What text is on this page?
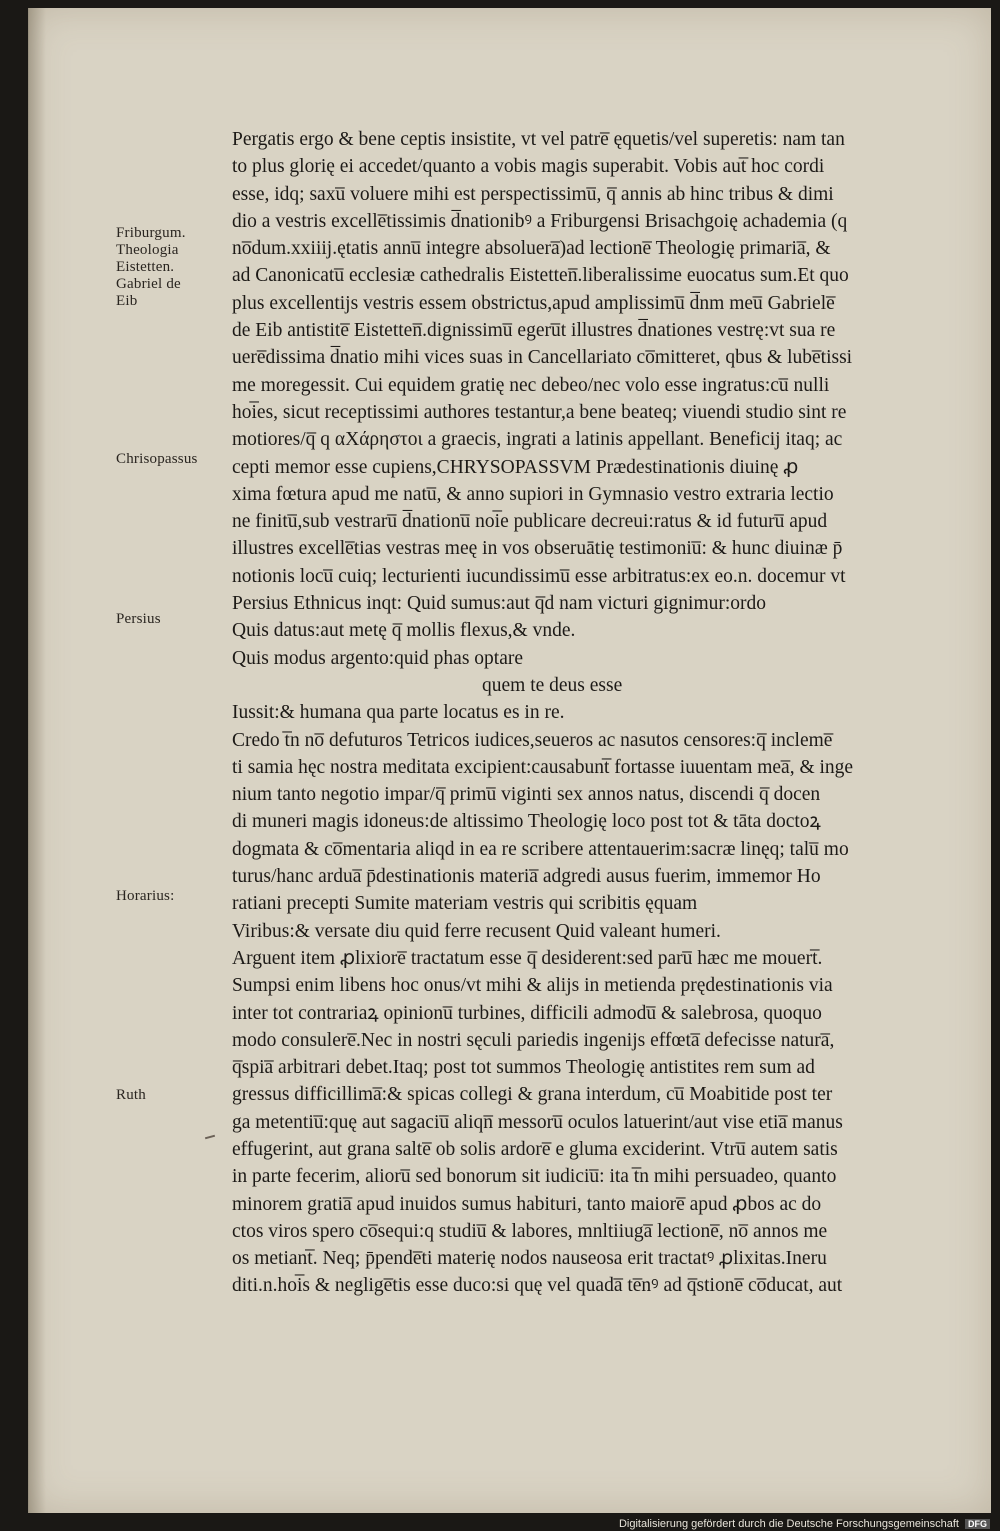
Friburgum.
Theologia
Eistetten.
Gabriel de
Eib
Chrisopassus
Persius
Horarius:
Ruth
Pergatis ergo & bene ceptis insistite, vt vel patre̅ ęquetis/vel superetis: nam tan
to plus glorię ei accedet/quanto a vobis magis superabit. Vobis aut̅ hoc cordi
esse, idq; saxu̅ voluere mihi est perspectissimu̅, q̅ annis ab hinc tribus & dimi
dio a vestris excelle̅tissimis d̅nationibꝰ a Friburgensi Brisachgoię achademia (q
no̅dum.xxiiij.ętatis annu̅ integre absoluera̅)ad lectione̅ Theologię primaria̅, &
ad Canonicatu̅ ecclesiæ cathedralis Eistetten̅.liberalissime euocatus sum.Et quo
plus excellentijs vestris essem obstrictus,apud amplissimu̅ d̅nm meu̅ Gabriele̅
de Eib antistite̅ Eistetten̅.dignissimu̅ egeru̅t illustres d̅nationes vestrę:vt sua re
uere̅dissima d̅natio mihi vices suas in Cancellariato co̅mitteret, qbus & lube̅tissi
me moregessit. Cui equidem gratię nec debeo/nec volo esse ingratus:cu̅ nulli
hoi̅es, sicut receptissimi authores testantur,a bene beateq; viuendi studio sint re
motiores/q̅ q αΧάρηστοι a graecis, ingrati a latinis appellant. Beneficij itaq; ac
cepti memor esse cupiens,CHRYSOPASSVM Prædestinationis diuinę ꝓ
xima fœtura apud me natu̅, & anno supiori in Gymnasio vestro extraria lectio
ne finitu̅,sub vestraru̅ d̅nationu̅ noi̅e publicare decreui:ratus & id futuru̅ apud
illustres excelle̅tias vestras meę in vos obseruātię testimoniu̅: & hunc diuinæ p̄
notionis locu̅ cuiq; lecturienti iucundissimu̅ esse arbitratus:ex eo.n. docemur vt
Persius Ethnicus inqt: Quid sumus:aut q̅d nam victuri gignimur:ordo
Quis datus:aut metę q̅ mollis flexus,& vnde.
Quis modus argento:quid phas optare
quem te deus esse
Iussit:& humana qua parte locatus es in re.
Credo t̅n no̅ defuturos Tetricos iudices,seueros ac nasutos censores:q̅ incleme̅
ti samia hęc nostra meditata excipient:causabunt̅ fortasse iuuentam mea̅, & inge
nium tanto negotio impar/q̅ primu̅ viginti sex annos natus, discendi q̅ docen
di muneri magis idoneus:de altissimo Theologię loco post tot & tāta doctoꝝ
dogmata & co̅mentaria aliqd in ea re scribere attentauerim:sacræ linęq; talu̅ mo
turus/hanc ardua̅ p̄destinationis materia̅ adgredi ausus fuerim, immemor Ho
ratiani precepti Sumite materiam vestris qui scribitis ęquam
Viribus:& versate diu quid ferre recusent Quid valeant humeri.
Arguent item ꝓlixiore̅ tractatum esse q̅ desiderent:sed paru̅ hæc me mouert̅.
Sumpsi enim libens hoc onus/vt mihi & alijs in metienda prędestinationis via
inter tot contrariaꝝ opinionu̅ turbines, difficili admodu̅ & salebrosa, quoquo
modo consulere̅.Nec in nostri sęculi pariedis ingenijs effœta̅ defecisse natura̅,
q̅spia̅ arbitrari debet.Itaq; post tot summos Theologię antistites rem sum ad
gressus difficillima̅:& spicas collegi & grana interdum, cu̅ Moabitide post ter
ga metentiu̅:quę aut sagaciu̅ aliqn̅ messoru̅ oculos latuerint/aut vise etia̅ manus
effugerint, aut grana salte̅ ob solis ardore̅ e gluma exciderint. Vtru̅ autem satis
in parte fecerim, alioru̅ sed bonorum sit iudiciu̅: ita t̅n mihi persuadeo, quanto
minorem gratia̅ apud inuidos sumus habituri, tanto maiore̅ apud ꝓbos ac do
ctos viros spero co̅sequi:q studiu̅ & labores, mnltiiuga̅ lectione̅, no̅ annos me
os metiant̅. Neq; p̄pende̅ti materię nodos nauseosa erit tractatꝰ ꝓlixitas.Ineru
diti.n.hoi̅s & neglige̅tis esse duco:si quę vel quada̅ te̅nꝰ ad q̅stione̅ co̅ducat, aut
Digitalisierung gefördert durch die Deutsche Forschungsgemeinschaft DFG
